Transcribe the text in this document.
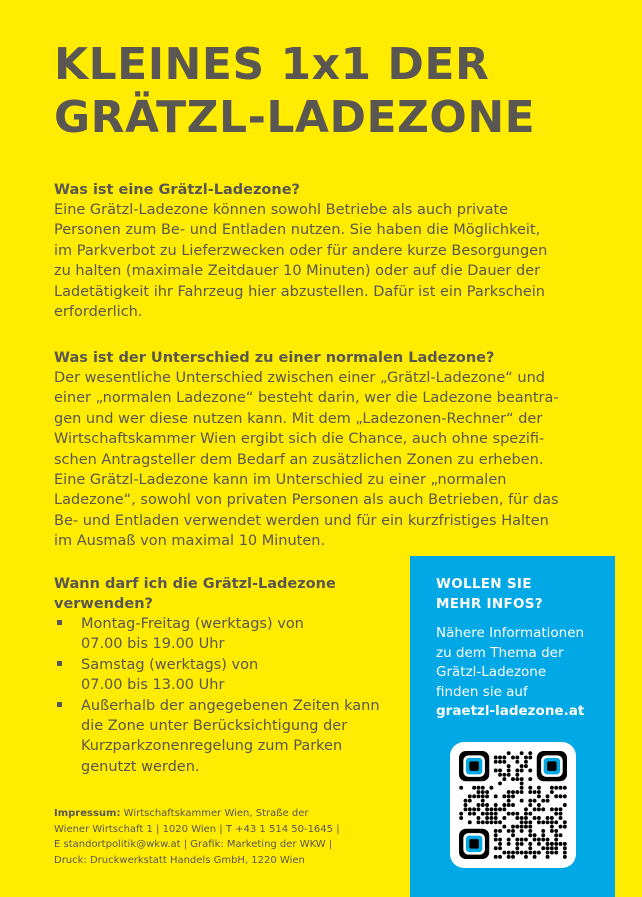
KLEINES 1x1 DER
GRÄTZL-LADEZONE

Was ist eine Grätzl-Ladezone?

Eine Grätzl-Ladezone können sowohl Betriebe als auch private
Personen zum Be- und Entladen nutzen. Sie haben die Möglichkeit,
im Parkverbot zu Lieferzwecken oder für andere kurze Besorgungen
zu halten (maximale Zeitdauer 10 Minuten) oder auf die Dauer der
Ladetätigkeit ihr Fahrzeug hier abzustellen. Dafür ist ein Parkschein
erforderlich.

Was ist der Unterschied zu einer normalen Ladezone?

Der wesentliche Unterschied zwischen einer „Grätzl-Ladezone“ und
einer „normalen Ladezone“ besteht darin, wer die Ladezone beantra-
gen und wer diese nutzen kann. Mit dem „Ladezonen-Rechner“ der
Wirtschaftskammer Wien ergibt sich die Chance, auch ohne spezifi-
schen Antragsteller dem Bedarf an zusätzlichen Zonen zu erheben.
Eine Grätzl-Ladezone kann im Unterschied zu einer „normalen
Ladezone“, sowohl von privaten Personen als auch Betrieben, für das
Be- und Entladen verwendet werden und für ein kurzfristiges Halten
im Ausmaß von maximal 10 Minuten.

Wann darf ich die Grätzl-Ladezone
verwenden?

Montag-Freitag (werktags) von
07.00 bis 19.00 Uhr
Samstag (werktags) von
07.00 bis 13.00 Uhr
Außerhalb der angegebenen Zeiten kann
die Zone unter Berücksichtigung der
Kurzparkzonenregelung zum Parken
genutzt werden.
Impressum: Wirtschaftskammer Wien, Straße der
Wiener Wirtschaft 1 | 1020 Wien | T +43 1 514 50-1645 |
E standortpolitik@wkw.at | Grafik: Marketing der WKW |
Druck: Druckwerkstatt Handels GmbH, 1220 Wien

WOLLEN SIE
MEHR INFOS?

Nähere Informationen
zu dem Thema der
Grätzl-Ladezone
finden sie auf
graetzl-ladezone.at
